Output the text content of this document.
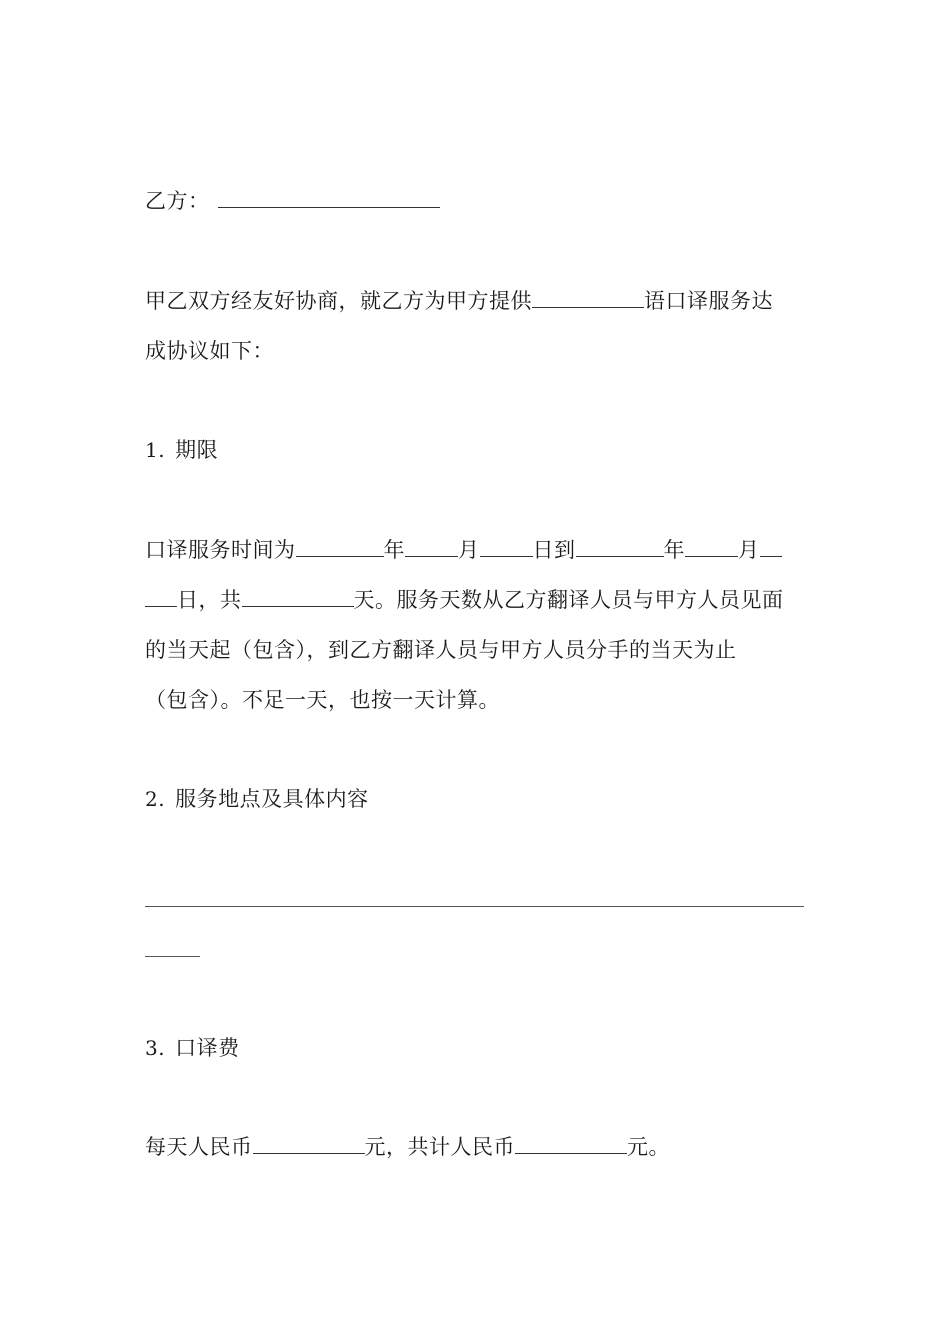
乙方：
甲乙双方经友好协商，就乙方为甲方提供	语口译服务达
成协议如下：
1. 期限
口译服务时间为	年	月	日到	年	月
日，共	天。服务天数从乙方翻译人员与甲方人员见面
的当天起（包含），到乙方翻译人员与甲方人员分手的当天为止
（包含）。不足一天，也按一天计算。
2. 服务地点及具体内容
3. 口译费
每天人民币	元，共计人民币	元。
